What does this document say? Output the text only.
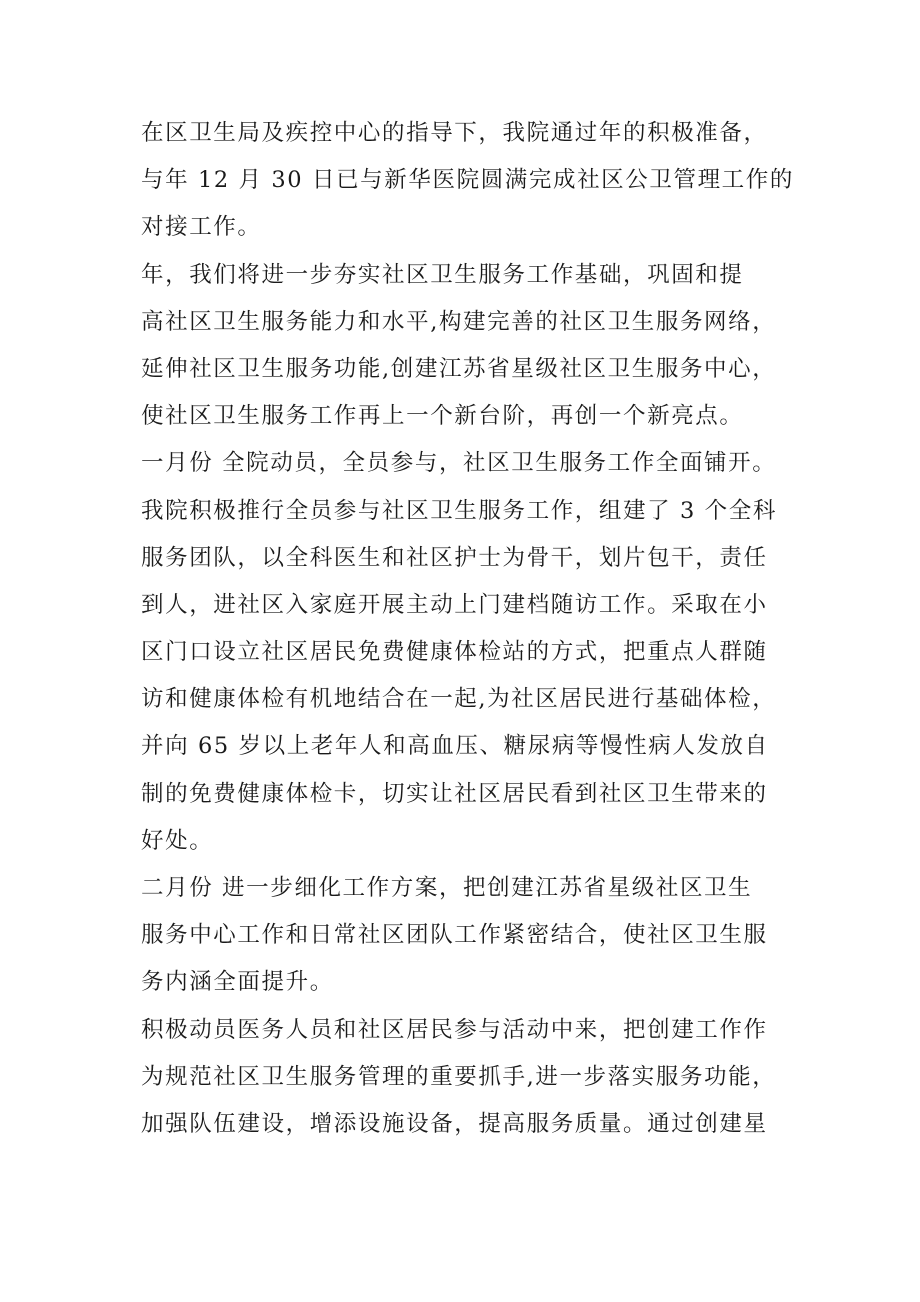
在区卫生局及疾控中心的指导下，我院通过年的积极准备，
与年 12 月 30 日已与新华医院圆满完成社区公卫管理工作的
对接工作。
年，我们将进一步夯实社区卫生服务工作基础，巩固和提
高社区卫生服务能力和水平,构建完善的社区卫生服务网络，
延伸社区卫生服务功能,创建江苏省星级社区卫生服务中心，
使社区卫生服务工作再上一个新台阶，再创一个新亮点。
一月份 全院动员，全员参与，社区卫生服务工作全面铺开。
我院积极推行全员参与社区卫生服务工作，组建了 3 个全科
服务团队，以全科医生和社区护士为骨干，划片包干，责任
到人，进社区入家庭开展主动上门建档随访工作。采取在小
区门口设立社区居民免费健康体检站的方式，把重点人群随
访和健康体检有机地结合在一起,为社区居民进行基础体检，
并向 65 岁以上老年人和高血压、糖尿病等慢性病人发放自
制的免费健康体检卡，切实让社区居民看到社区卫生带来的
好处。
二月份 进一步细化工作方案，把创建江苏省星级社区卫生
服务中心工作和日常社区团队工作紧密结合，使社区卫生服
务内涵全面提升。
积极动员医务人员和社区居民参与活动中来，把创建工作作
为规范社区卫生服务管理的重要抓手,进一步落实服务功能，
加强队伍建设，增添设施设备，提高服务质量。通过创建星
